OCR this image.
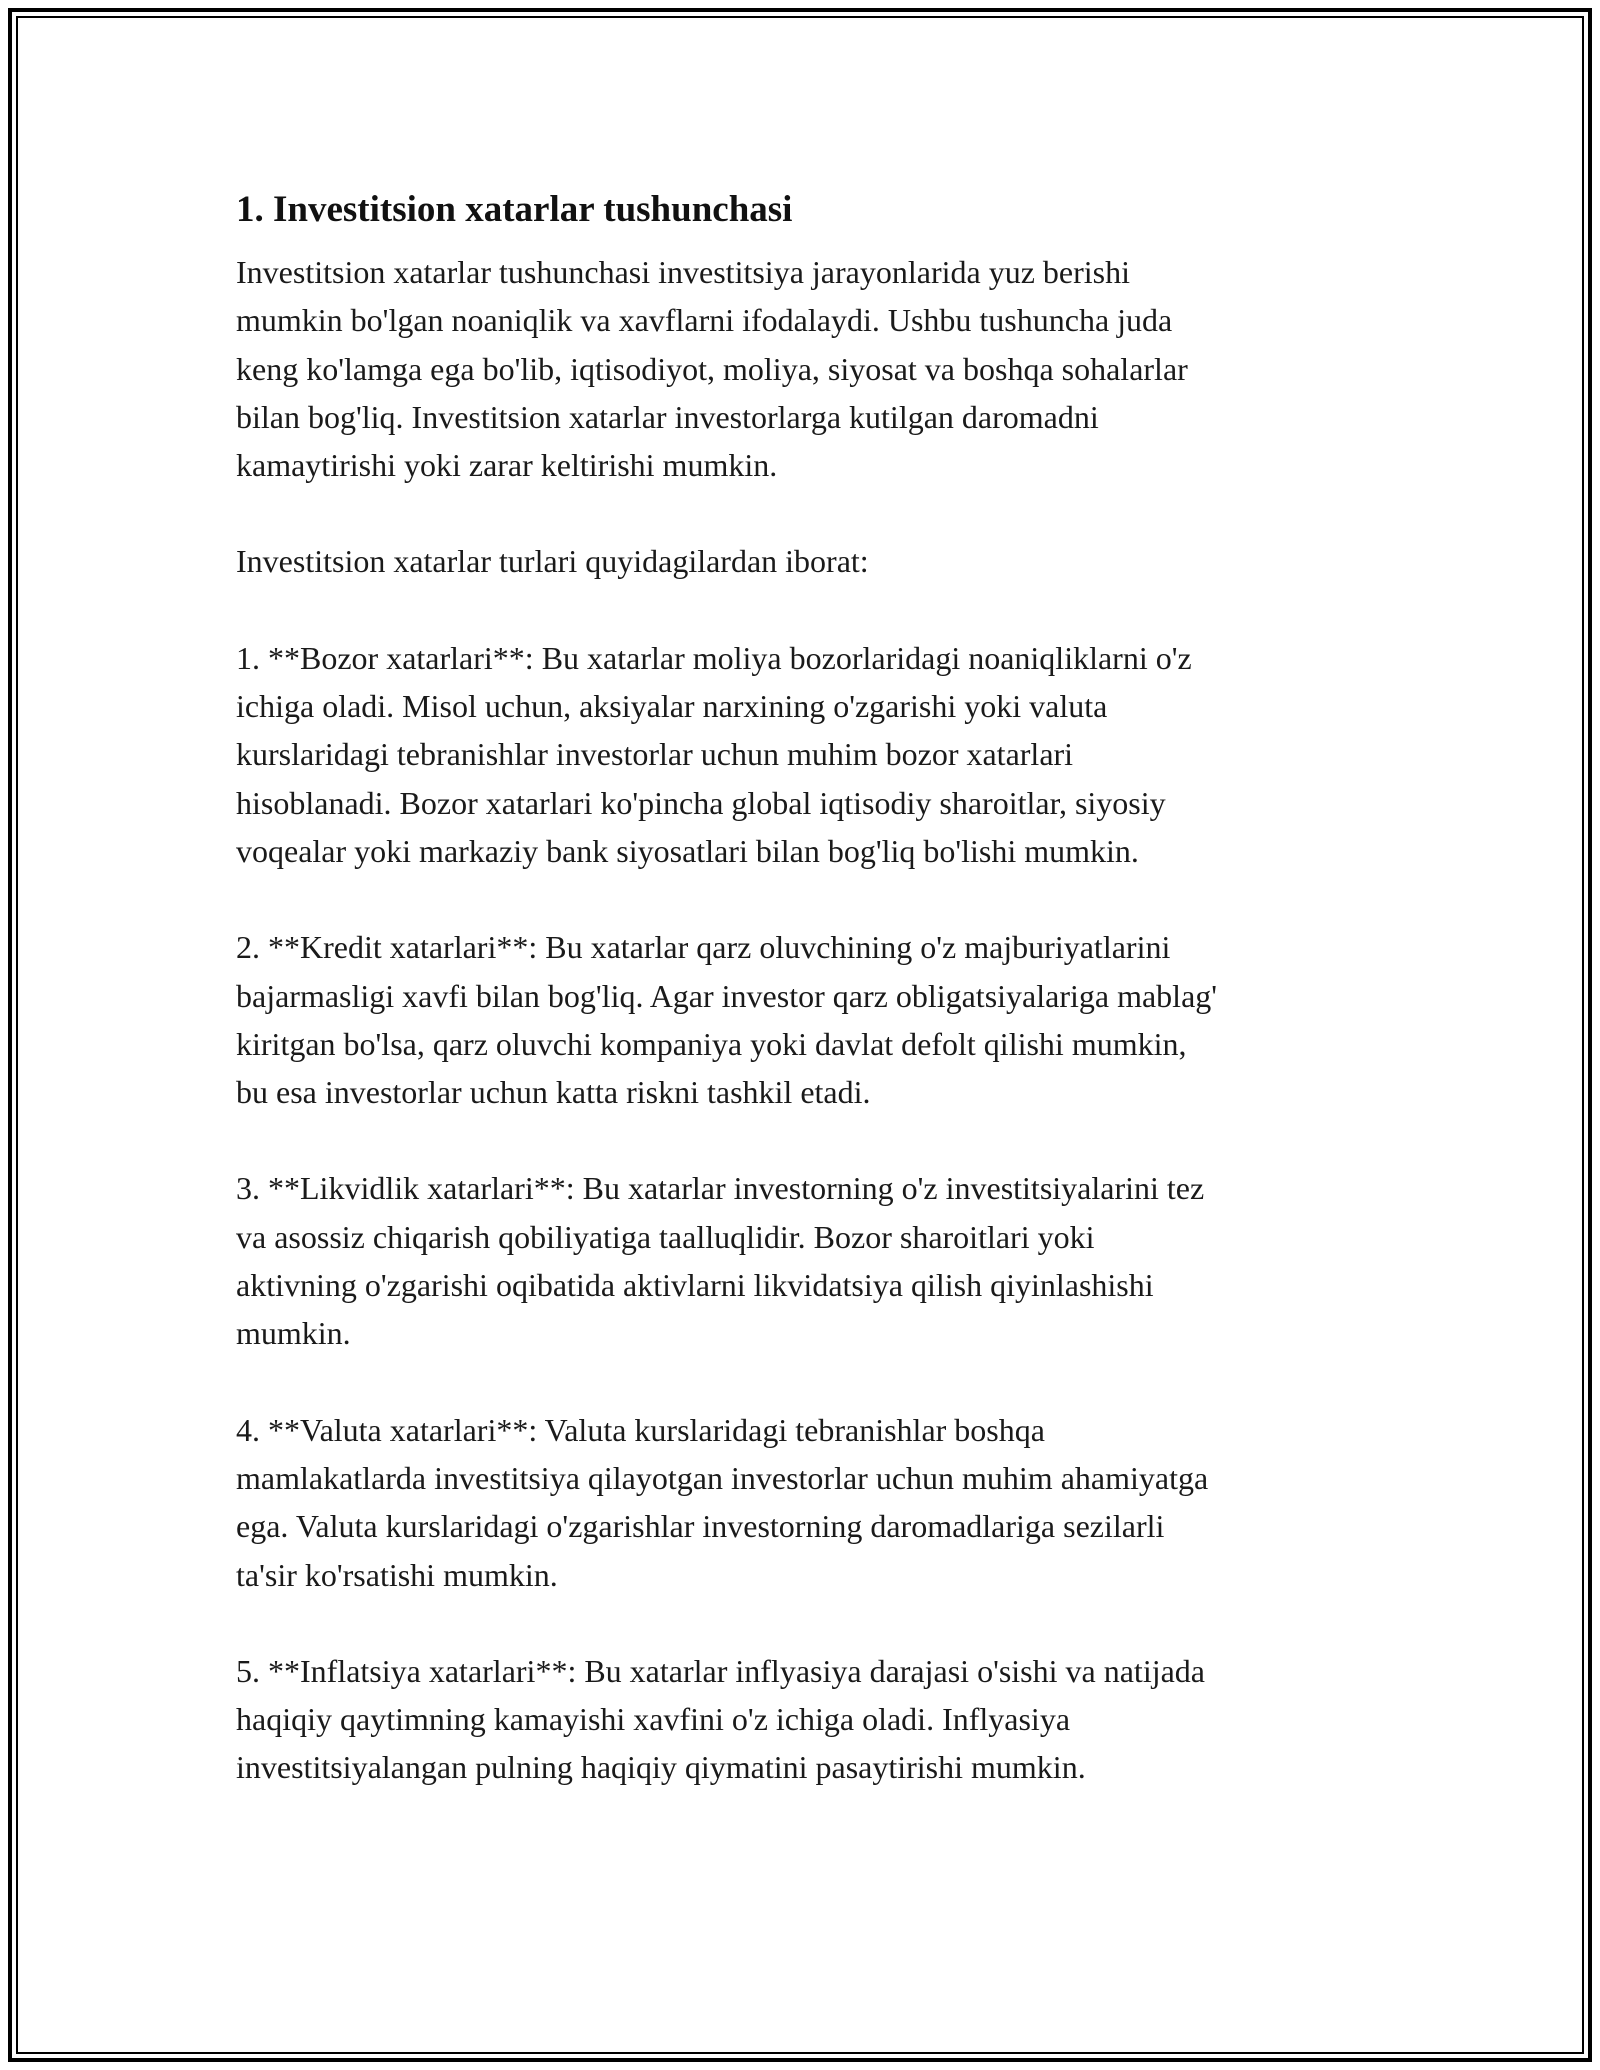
1. Investitsion xatarlar tushunchasi

Investitsion xatarlar tushunchasi investitsiya jarayonlarida yuz berishi
mumkin bo'lgan noaniqlik va xavflarni ifodalaydi. Ushbu tushuncha juda
keng ko'lamga ega bo'lib, iqtisodiyot, moliya, siyosat va boshqa sohalarlar
bilan bog'liq. Investitsion xatarlar investorlarga kutilgan daromadni
kamaytirishi yoki zarar keltirishi mumkin.

Investitsion xatarlar turlari quyidagilardan iborat:

1. **Bozor xatarlari**: Bu xatarlar moliya bozorlaridagi noaniqliklarni o'z
ichiga oladi. Misol uchun, aksiyalar narxining o'zgarishi yoki valuta
kurslaridagi tebranishlar investorlar uchun muhim bozor xatarlari
hisoblanadi. Bozor xatarlari ko'pincha global iqtisodiy sharoitlar, siyosiy
voqealar yoki markaziy bank siyosatlari bilan bog'liq bo'lishi mumkin.

2. **Kredit xatarlari**: Bu xatarlar qarz oluvchining o'z majburiyatlarini
bajarmasligi xavfi bilan bog'liq. Agar investor qarz obligatsiyalariga mablag'
kiritgan bo'lsa, qarz oluvchi kompaniya yoki davlat defolt qilishi mumkin,
bu esa investorlar uchun katta riskni tashkil etadi.

3. **Likvidlik xatarlari**: Bu xatarlar investorning o'z investitsiyalarini tez
va asossiz chiqarish qobiliyatiga taalluqlidir. Bozor sharoitlari yoki
aktivning o'zgarishi oqibatida aktivlarni likvidatsiya qilish qiyinlashishi
mumkin.

4. **Valuta xatarlari**: Valuta kurslaridagi tebranishlar boshqa
mamlakatlarda investitsiya qilayotgan investorlar uchun muhim ahamiyatga
ega. Valuta kurslaridagi o'zgarishlar investorning daromadlariga sezilarli
ta'sir ko'rsatishi mumkin.

5. **Inflatsiya xatarlari**: Bu xatarlar inflyasiya darajasi o'sishi va natijada
haqiqiy qaytimning kamayishi xavfini o'z ichiga oladi. Inflyasiya
investitsiyalangan pulning haqiqiy qiymatini pasaytirishi mumkin.
